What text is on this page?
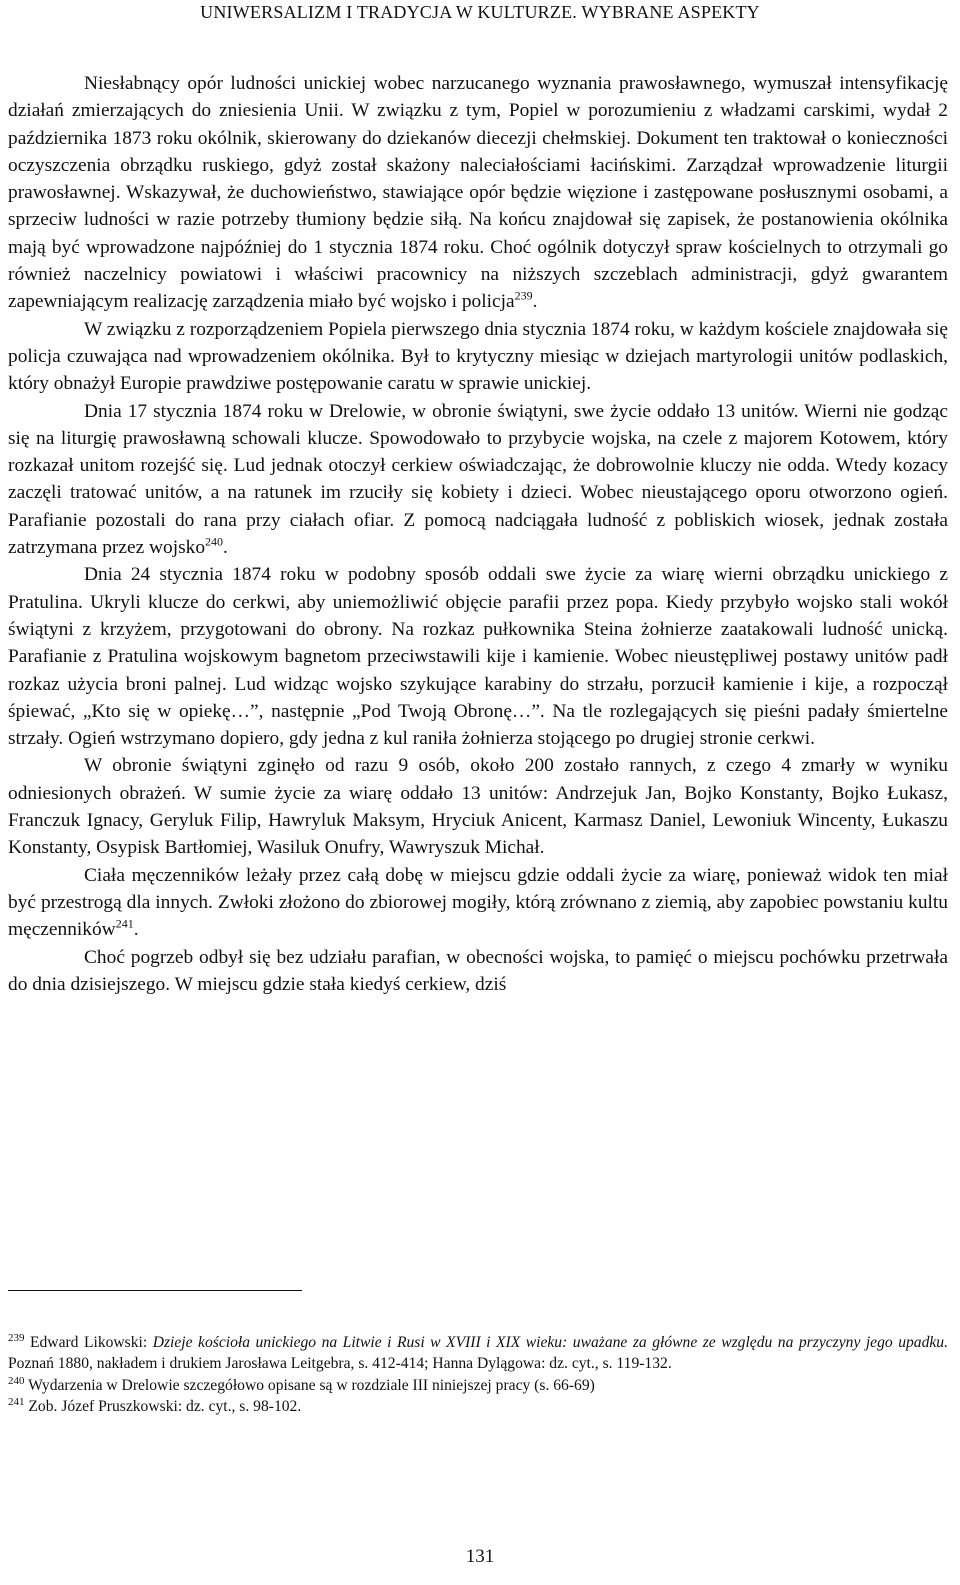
UNIWERSALIZM I TRADYCJA W KULTURZE. WYBRANE ASPEKTY

Niesłabnący opór ludności unickiej wobec narzucanego wyznania prawosławnego, wymuszał intensyfikację działań zmierzających do zniesienia Unii. W związku z tym, Popiel w porozumieniu z władzami carskimi, wydał 2 października 1873 roku okólnik, skierowany do dziekanów diecezji chełmskiej. Dokument ten traktował o konieczności oczyszczenia obrządku ruskiego, gdyż został skażony naleciałościami łacińskimi. Zarządzał wprowadzenie liturgii prawosławnej. Wskazywał, że duchowieństwo, stawiające opór będzie więzione i zastępowane posłusznymi osobami, a sprzeciw ludności w razie potrzeby tłumiony będzie siłą. Na końcu znajdował się zapisek, że postanowienia okólnika mają być wprowadzone najpóźniej do 1 stycznia 1874 roku. Choć ogólnik dotyczył spraw kościelnych to otrzymali go również naczelnicy powiatowi i właściwi pracownicy na niższych szczeblach administracji, gdyż gwarantem zapewniającym realizację zarządzenia miało być wojsko i policja$^{239}$.

W związku z rozporządzeniem Popiela pierwszego dnia stycznia 1874 roku, w każdym kościele znajdowała się policja czuwająca nad wprowadzeniem okólnika. Był to krytyczny miesiąc w dziejach martyrologii unitów podlaskich, który obnażył Europie prawdziwe postępowanie caratu w sprawie unickiej.

Dnia 17 stycznia 1874 roku w Drelowie, w obronie świątyni, swe życie oddało 13 unitów. Wierni nie godząc się na liturgię prawosławną schowali klucze. Spowodowało to przybycie wojska, na czele z majorem Kotowem, który rozkazał unitom rozejść się. Lud jednak otoczył cerkiew oświadczając, że dobrowolnie kluczy nie odda. Wtedy kozacy zaczęli tratować unitów, a na ratunek im rzuciły się kobiety i dzieci. Wobec nieustającego oporu otworzono ogień. Parafianie pozostali do rana przy ciałach ofiar. Z pomocą nadciągała ludność z pobliskich wiosek, jednak została zatrzymana przez wojsko$^{240}$.

Dnia 24 stycznia 1874 roku w podobny sposób oddali swe życie za wiarę wierni obrządku unickiego z Pratulina. Ukryli klucze do cerkwi, aby uniemożliwić objęcie parafii przez popa. Kiedy przybyło wojsko stali wokół świątyni z krzyżem, przygotowani do obrony. Na rozkaz pułkownika Steina żołnierze zaatakowali ludność unicką. Parafianie z Pratulina wojskowym bagnetom przeciwstawili kije i kamienie. Wobec nieustępliwej postawy unitów padł rozkaz użycia broni palnej. Lud widząc wojsko szykujące karabiny do strzału, porzucił kamienie i kije, a rozpoczął śpiewać, „Kto się w opiekę…”, następnie „Pod Twoją Obronę…”. Na tle rozlegających się pieśni padały śmiertelne strzały. Ogień wstrzymano dopiero, gdy jedna z kul raniła żołnierza stojącego po drugiej stronie cerkwi.

W obronie świątyni zginęło od razu 9 osób, około 200 zostało rannych, z czego 4 zmarły w wyniku odniesionych obrażeń. W sumie życie za wiarę oddało 13 unitów: Andrzejuk Jan, Bojko Konstanty, Bojko Łukasz, Franczuk Ignacy, Geryluk Filip, Hawryluk Maksym, Hryciuk Anicent, Karmasz Daniel, Lewoniuk Wincenty, Łukaszu Konstanty, Osypisk Bartłomiej, Wasiluk Onufry, Wawryszuk Michał.

Ciała męczenników leżały przez całą dobę w miejscu gdzie oddali życie za wiarę, ponieważ widok ten miał być przestrogą dla innych. Zwłoki złożono do zbiorowej mogiły, którą zrównano z ziemią, aby zapobiec powstaniu kultu męczenników$^{241}$.

Choć pogrzeb odbył się bez udziału parafian, w obecności wojska, to pamięć o miejscu pochówku przetrwała do dnia dzisiejszego. W miejscu gdzie stała kiedyś cerkiew, dziś

$^{239}$ Edward Likowski: Dzieje kościoła unickiego na Litwie i Rusi w XVIII i XIX wieku: uważane za główne ze względu na przyczyny jego upadku. Poznań 1880, nakładem i drukiem Jarosława Leitgebra, s. 412-414; Hanna Dylągowa: dz. cyt., s. 119-132.

$^{240}$ Wydarzenia w Drelowie szczegółowo opisane są w rozdziale III niniejszej pracy (s. 66-69)

$^{241}$ Zob. Józef Pruszkowski: dz. cyt., s. 98-102.

131
